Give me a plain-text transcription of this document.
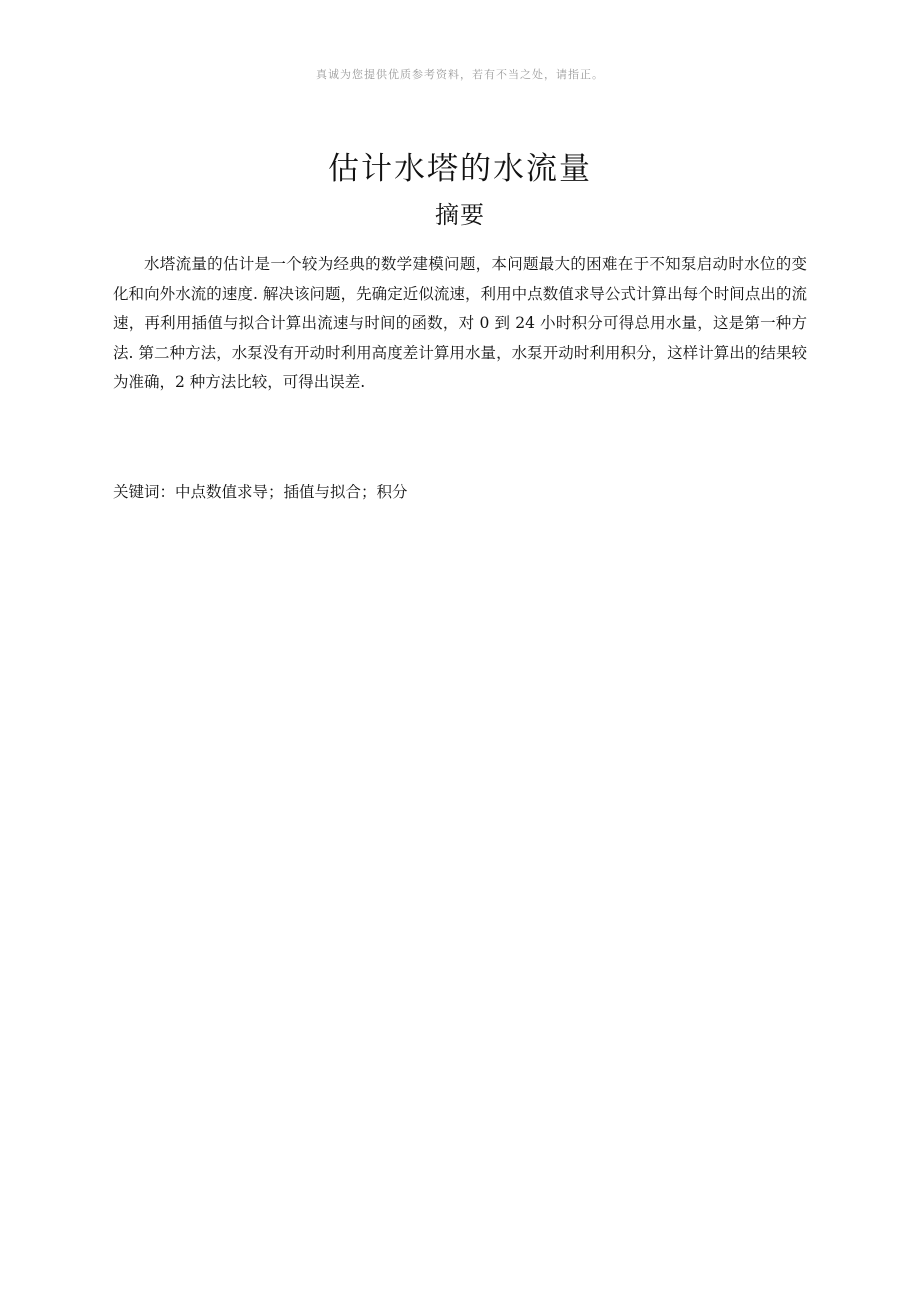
真诚为您提供优质参考资料，若有不当之处，请指正。
估计水塔的水流量
摘要

水塔流量的估计是一个较为经典的数学建模问题，本问题最大的困难在于不知泵启动时水位的变化和向外水流的速度. 解决该问题，先确定近似流速，利用中点数值求导公式计算出每个时间点出的流速，再利用插值与拟合计算出流速与时间的函数，对 0 到 24 小时积分可得总用水量，这是第一种方法. 第二种方法，水泵没有开动时利用高度差计算用水量，水泵开动时利用积分，这样计算出的结果较为准确，2 种方法比较，可得出误差.

关键词：中点数值求导；插值与拟合；积分
